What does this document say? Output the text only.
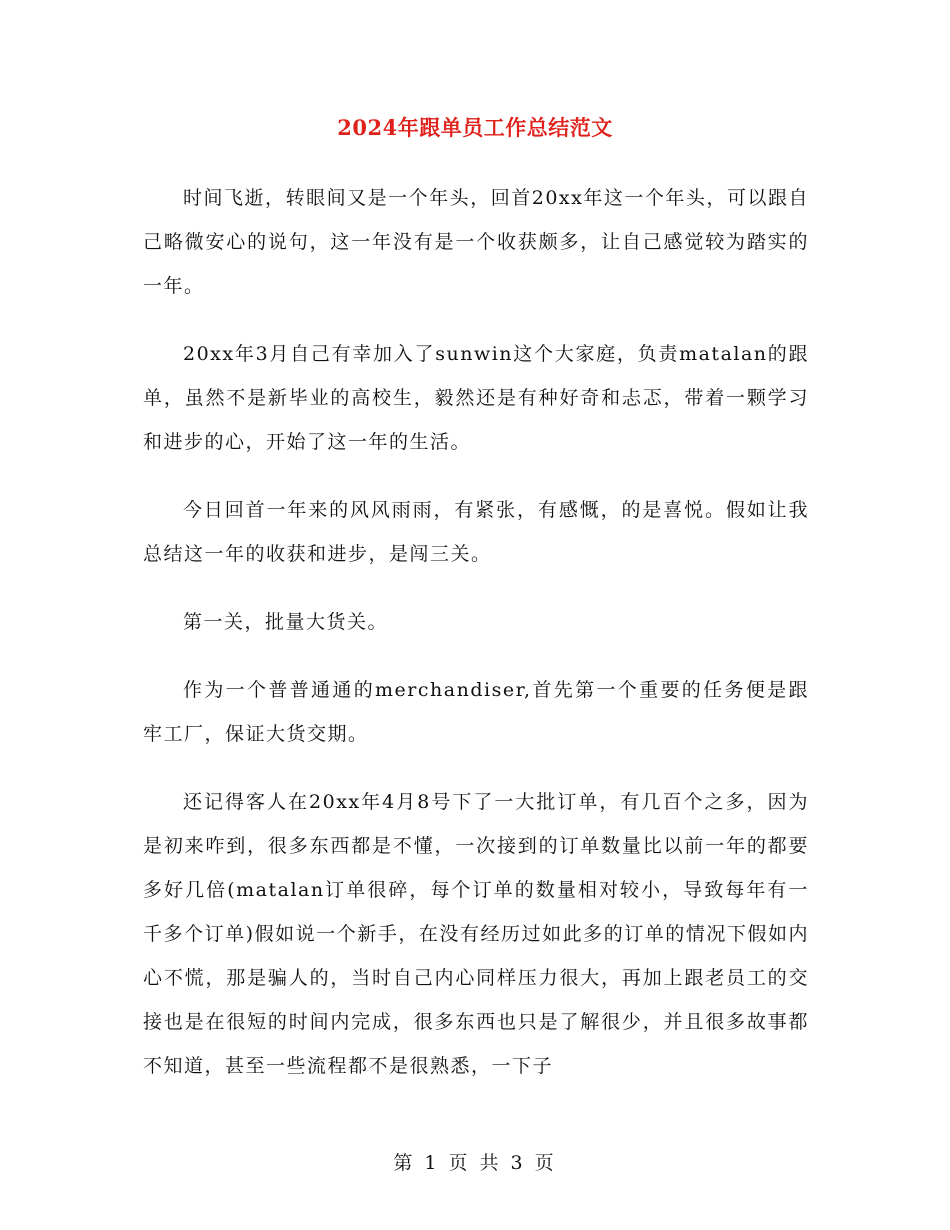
2024年跟单员工作总结范文

时间飞逝，转眼间又是一个年头，回首20xx年这一个年头，可以跟自己略微安心的说句，这一年没有是一个收获颇多，让自己感觉较为踏实的一年。

20xx年3月自己有幸加入了sunwin这个大家庭，负责matalan的跟单，虽然不是新毕业的高校生，毅然还是有种好奇和忐忑，带着一颗学习和进步的心，开始了这一年的生活。

今日回首一年来的风风雨雨，有紧张，有感慨，的是喜悦。假如让我总结这一年的收获和进步，是闯三关。

第一关，批量大货关。

作为一个普普通通的merchandiser,首先第一个重要的任务便是跟牢工厂，保证大货交期。

还记得客人在20xx年4月8号下了一大批订单，有几百个之多，因为是初来咋到，很多东西都是不懂，一次接到的订单数量比以前一年的都要多好几倍(matalan订单很碎，每个订单的数量相对较小，导致每年有一千多个订单)假如说一个新手，在没有经历过如此多的订单的情况下假如内心不慌，那是骗人的，当时自己内心同样压力很大，再加上跟老员工的交接也是在很短的时间内完成，很多东西也只是了解很少，并且很多故事都不知道，甚至一些流程都不是很熟悉，一下子

第 1 页 共 3 页
